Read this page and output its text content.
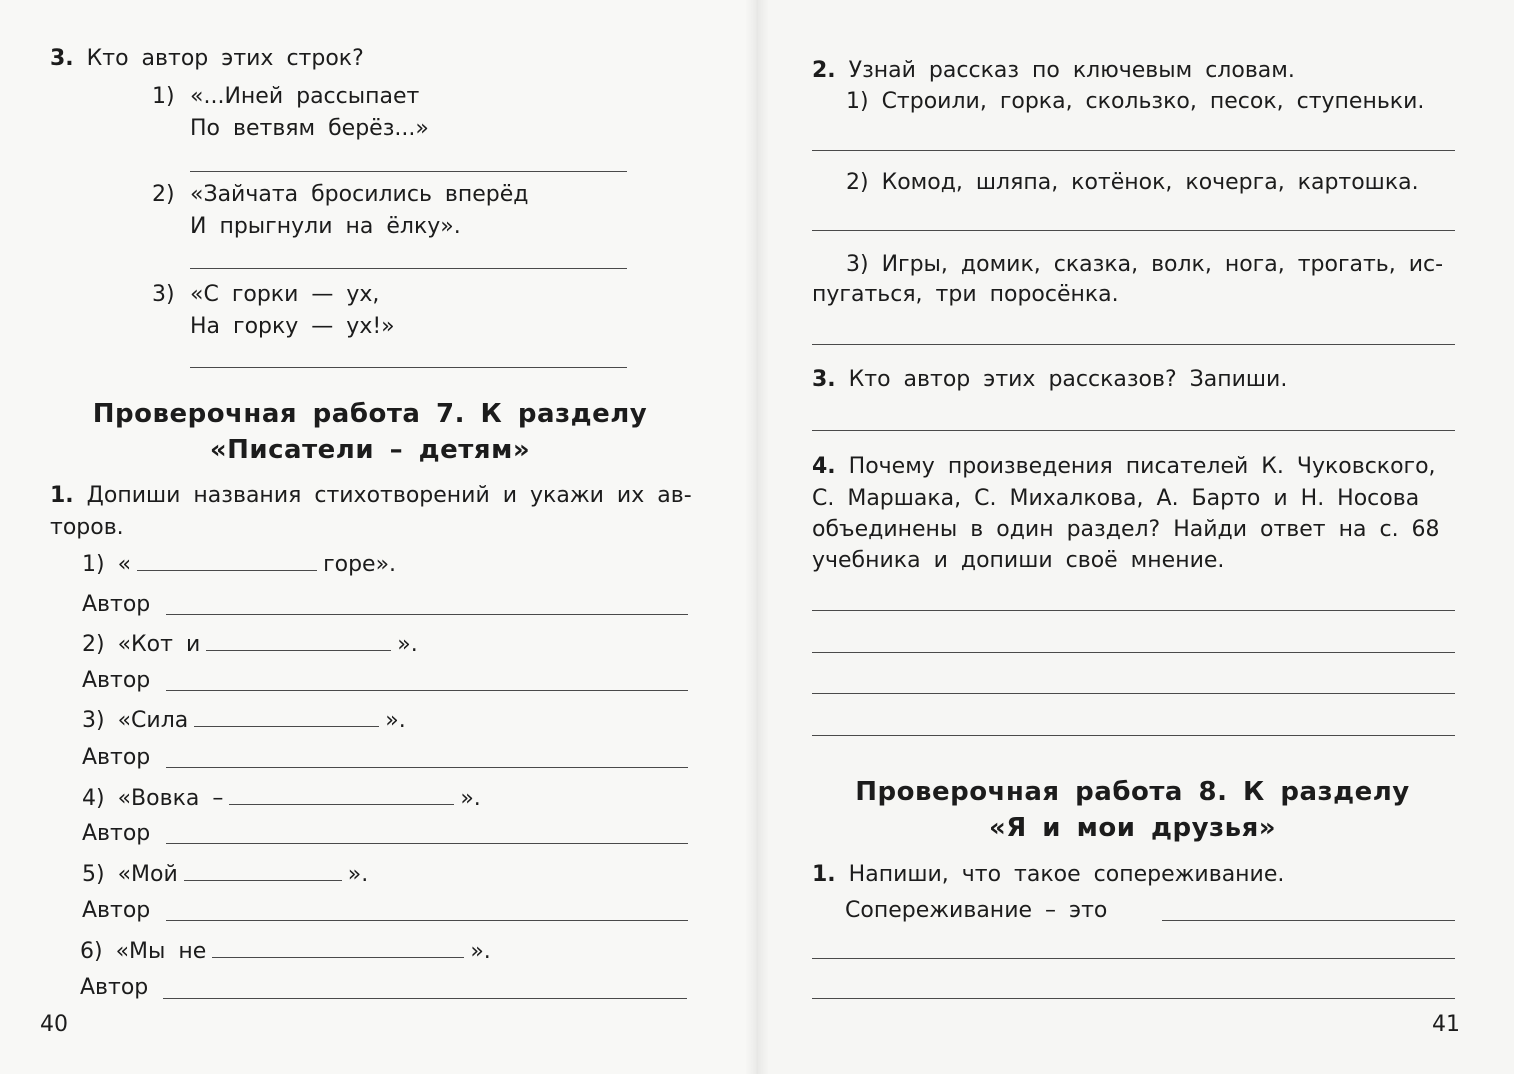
3. Кто автор этих строк?
1) «...Иней рассыпает
По ветвям берёз...»
2) «Зайчата бросились вперёд
И прыгнули на ёлку».
3) «С горки — ух,
На горку — ух!»
Проверочная работа 7. К разделу
«Писатели – детям»
1. Допиши названия стихотворений и укажи их ав-
торов.
1) «	горе».
Автор
2) «Кот и	».
Автор
3) «Сила	».
Автор
4) «Вовка –	».
Автор
5) «Мой	».
Автор
6) «Мы не	».
Автор
40
2. Узнай рассказ по ключевым словам.
1) Строили, горка, скользко, песок, ступеньки.
2) Комод, шляпа, котёнок, кочерга, картошка.
3) Игры, домик, сказка, волк, нога, трогать, ис-
пугаться, три поросёнка.
3. Кто автор этих рассказов? Запиши.
4. Почему произведения писателей К. Чуковского,
С. Маршака, С. Михалкова, А. Барто и Н. Носова
объединены в один раздел? Найди ответ на с. 68
учебника и допиши своё мнение.
Проверочная работа 8. К разделу
«Я и мои друзья»
1. Напиши, что такое сопереживание.
Сопереживание – это
41
